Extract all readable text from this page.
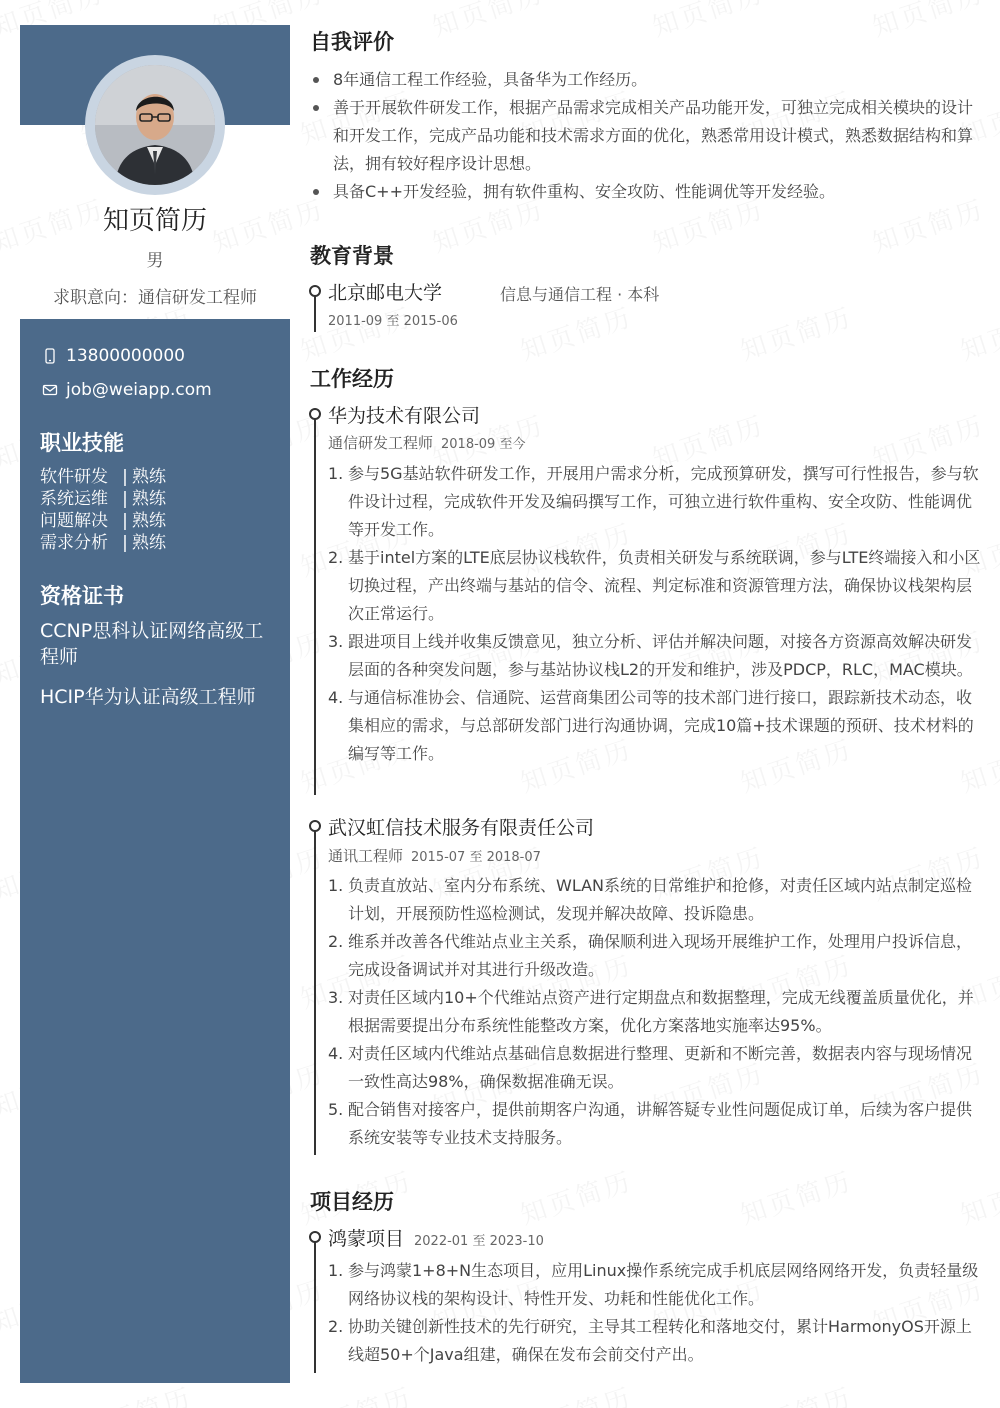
知页简历
男
求职意向：通信研发工程师
13800000000
job@weiapp.com
职业技能
软件研发 | 熟练
系统运维 | 熟练
问题解决 | 熟练
需求分析 | 熟练
资格证书
CCNP思科认证网络高级工程师
HCIP华为认证高级工程师
自我评价
8年通信工程工作经验，具备华为工作经历。
善于开展软件研发工作，根据产品需求完成相关产品功能开发，可独立完成相关模块的设计和开发工作，完成产品功能和技术需求方面的优化，熟悉常用设计模式，熟悉数据结构和算法，拥有较好程序设计思想。
具备C++开发经验，拥有软件重构、安全攻防、性能调优等开发经验。
教育背景
北京邮电大学	信息与通信工程 · 本科
2011-09 至 2015-06
工作经历
华为技术有限公司
通信研发工程师 2018-09 至今
1. 参与5G基站软件研发工作，开展用户需求分析，完成预算研发，撰写可行性报告，参与软件设计过程，完成软件开发及编码撰写工作，可独立进行软件重构、安全攻防、性能调优等开发工作。
2. 基于intel方案的LTE底层协议栈软件，负责相关研发与系统联调，参与LTE终端接入和小区切换过程，产出终端与基站的信令、流程、判定标准和资源管理方法，确保协议栈架构层次正常运行。
3. 跟进项目上线并收集反馈意见，独立分析、评估并解决问题，对接各方资源高效解决研发层面的各种突发问题，参与基站协议栈L2的开发和维护，涉及PDCP，RLC，MAC模块。
4. 与通信标准协会、信通院、运营商集团公司等的技术部门进行接口，跟踪新技术动态，收集相应的需求，与总部研发部门进行沟通协调，完成10篇+技术课题的预研、技术材料的编写等工作。
武汉虹信技术服务有限责任公司
通讯工程师 2015-07 至 2018-07
1. 负责直放站、室内分布系统、WLAN系统的日常维护和抢修，对责任区域内站点制定巡检计划，开展预防性巡检测试，发现并解决故障、投诉隐患。
2. 维系并改善各代维站点业主关系，确保顺利进入现场开展维护工作，处理用户投诉信息，完成设备调试并对其进行升级改造。
3. 对责任区域内10+个代维站点资产进行定期盘点和数据整理，完成无线覆盖质量优化，并根据需要提出分布系统性能整改方案，优化方案落地实施率达95%。
4. 对责任区域内代维站点基础信息数据进行整理、更新和不断完善，数据表内容与现场情况一致性高达98%，确保数据准确无误。
5. 配合销售对接客户，提供前期客户沟通，讲解答疑专业性问题促成订单，后续为客户提供系统安装等专业技术支持服务。
项目经历
鸿蒙项目 2022-01 至 2023-10
1. 参与鸿蒙1+8+N生态项目，应用Linux操作系统完成手机底层网络网络开发，负责轻量级网络协议栈的架构设计、特性开发、功耗和性能优化工作。
2. 协助关键创新性技术的先行研究，主导其工程转化和落地交付，累计HarmonyOS开源上线超50+个Java组建，确保在发布会前交付产出。
